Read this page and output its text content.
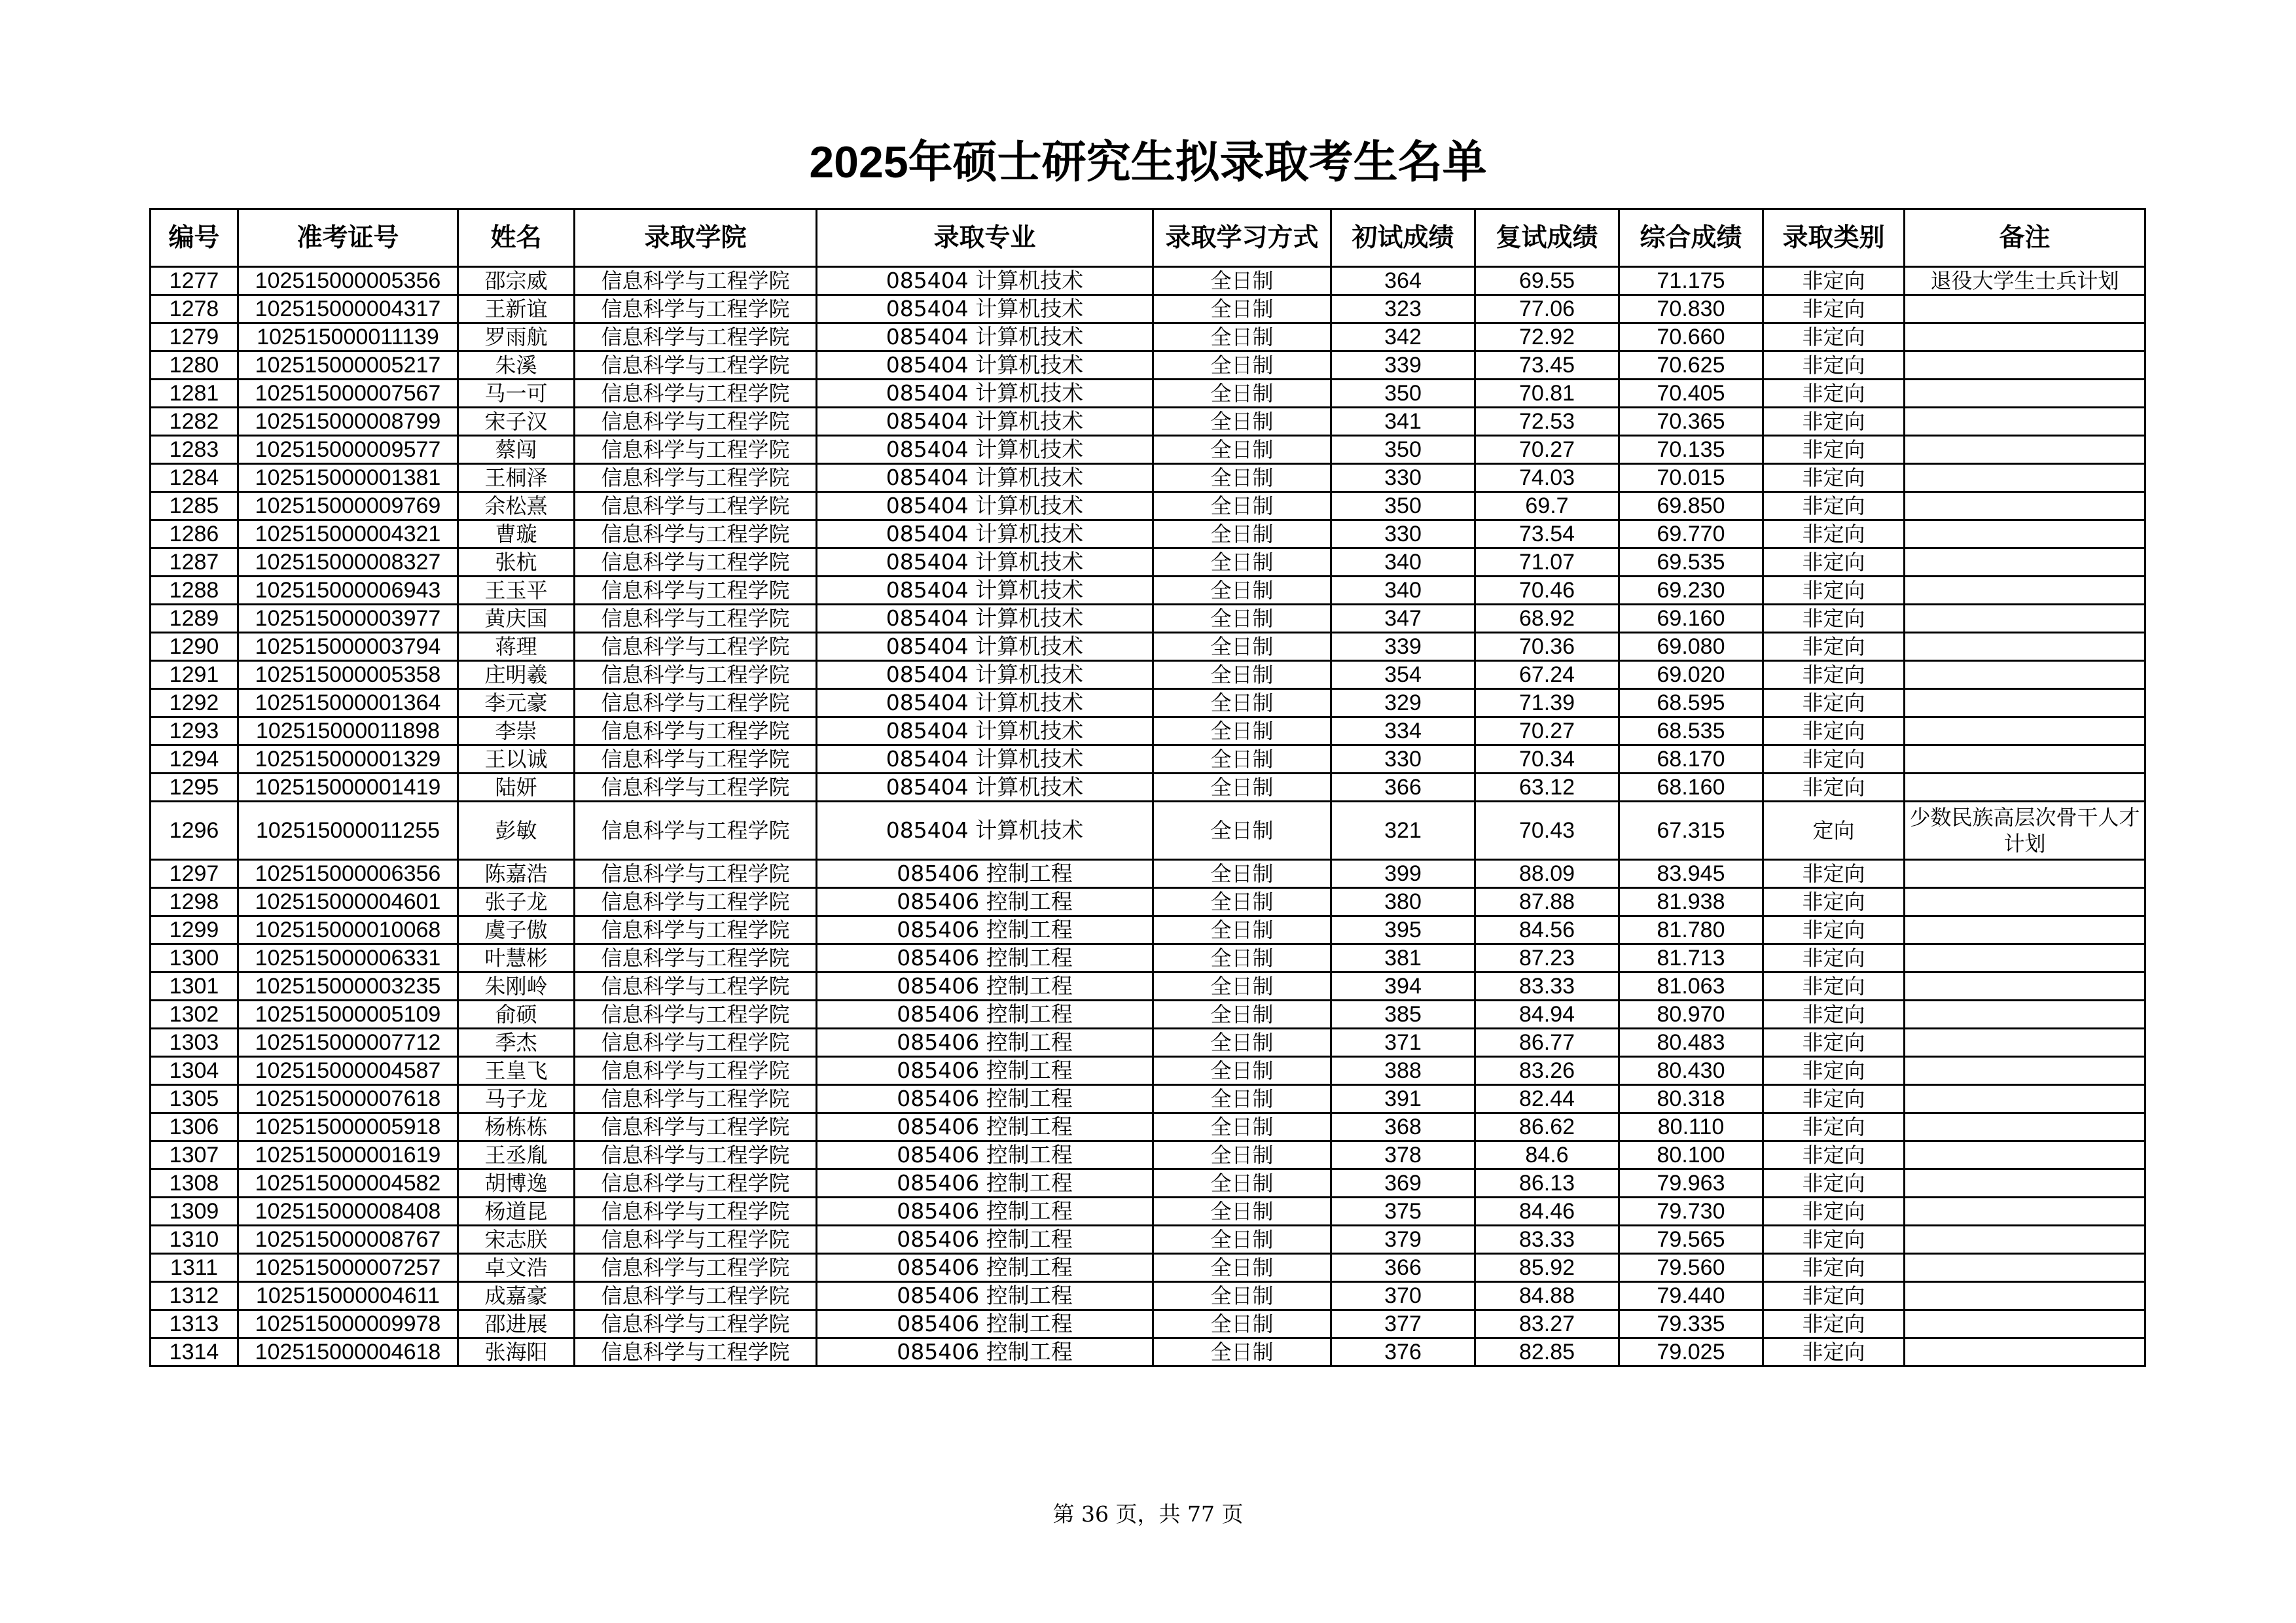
2025年硕士研究生拟录取考生名单
编号	准考证号	姓名	录取学院	录取专业	录取学习方式	初试成绩	复试成绩	综合成绩	录取类别	备注
1277	102515000005356	邵宗威	信息科学与工程学院	085404 计算机技术	全日制	364	69.55	71.175	非定向	退役大学生士兵计划
1278	102515000004317	王新谊	信息科学与工程学院	085404 计算机技术	全日制	323	77.06	70.830	非定向	
1279	102515000011139	罗雨航	信息科学与工程学院	085404 计算机技术	全日制	342	72.92	70.660	非定向	
1280	102515000005217	朱溪	信息科学与工程学院	085404 计算机技术	全日制	339	73.45	70.625	非定向	
1281	102515000007567	马一可	信息科学与工程学院	085404 计算机技术	全日制	350	70.81	70.405	非定向	
1282	102515000008799	宋子汉	信息科学与工程学院	085404 计算机技术	全日制	341	72.53	70.365	非定向	
1283	102515000009577	蔡闯	信息科学与工程学院	085404 计算机技术	全日制	350	70.27	70.135	非定向	
1284	102515000001381	王桐泽	信息科学与工程学院	085404 计算机技术	全日制	330	74.03	70.015	非定向	
1285	102515000009769	余松熹	信息科学与工程学院	085404 计算机技术	全日制	350	69.7	69.850	非定向	
1286	102515000004321	曹璇	信息科学与工程学院	085404 计算机技术	全日制	330	73.54	69.770	非定向	
1287	102515000008327	张杭	信息科学与工程学院	085404 计算机技术	全日制	340	71.07	69.535	非定向	
1288	102515000006943	王玉平	信息科学与工程学院	085404 计算机技术	全日制	340	70.46	69.230	非定向	
1289	102515000003977	黄庆国	信息科学与工程学院	085404 计算机技术	全日制	347	68.92	69.160	非定向	
1290	102515000003794	蒋理	信息科学与工程学院	085404 计算机技术	全日制	339	70.36	69.080	非定向	
1291	102515000005358	庄明羲	信息科学与工程学院	085404 计算机技术	全日制	354	67.24	69.020	非定向	
1292	102515000001364	李元豪	信息科学与工程学院	085404 计算机技术	全日制	329	71.39	68.595	非定向	
1293	102515000011898	李崇	信息科学与工程学院	085404 计算机技术	全日制	334	70.27	68.535	非定向	
1294	102515000001329	王以诚	信息科学与工程学院	085404 计算机技术	全日制	330	70.34	68.170	非定向	
1295	102515000001419	陆妍	信息科学与工程学院	085404 计算机技术	全日制	366	63.12	68.160	非定向	
1296	102515000011255	彭敏	信息科学与工程学院	085404 计算机技术	全日制	321	70.43	67.315	定向	少数民族高层次骨干人才计划
1297	102515000006356	陈嘉浩	信息科学与工程学院	085406 控制工程	全日制	399	88.09	83.945	非定向	
1298	102515000004601	张子龙	信息科学与工程学院	085406 控制工程	全日制	380	87.88	81.938	非定向	
1299	102515000010068	虞子傲	信息科学与工程学院	085406 控制工程	全日制	395	84.56	81.780	非定向	
1300	102515000006331	叶慧彬	信息科学与工程学院	085406 控制工程	全日制	381	87.23	81.713	非定向	
1301	102515000003235	朱刚岭	信息科学与工程学院	085406 控制工程	全日制	394	83.33	81.063	非定向	
1302	102515000005109	俞硕	信息科学与工程学院	085406 控制工程	全日制	385	84.94	80.970	非定向	
1303	102515000007712	季杰	信息科学与工程学院	085406 控制工程	全日制	371	86.77	80.483	非定向	
1304	102515000004587	王皇飞	信息科学与工程学院	085406 控制工程	全日制	388	83.26	80.430	非定向	
1305	102515000007618	马子龙	信息科学与工程学院	085406 控制工程	全日制	391	82.44	80.318	非定向	
1306	102515000005918	杨栋栋	信息科学与工程学院	085406 控制工程	全日制	368	86.62	80.110	非定向	
1307	102515000001619	王丞胤	信息科学与工程学院	085406 控制工程	全日制	378	84.6	80.100	非定向	
1308	102515000004582	胡博逸	信息科学与工程学院	085406 控制工程	全日制	369	86.13	79.963	非定向	
1309	102515000008408	杨道昆	信息科学与工程学院	085406 控制工程	全日制	375	84.46	79.730	非定向	
1310	102515000008767	宋志朕	信息科学与工程学院	085406 控制工程	全日制	379	83.33	79.565	非定向	
1311	102515000007257	卓文浩	信息科学与工程学院	085406 控制工程	全日制	366	85.92	79.560	非定向	
1312	102515000004611	成嘉豪	信息科学与工程学院	085406 控制工程	全日制	370	84.88	79.440	非定向	
1313	102515000009978	邵进展	信息科学与工程学院	085406 控制工程	全日制	377	83.27	79.335	非定向	
1314	102515000004618	张海阳	信息科学与工程学院	085406 控制工程	全日制	376	82.85	79.025	非定向	
第 36 页，共 77 页
